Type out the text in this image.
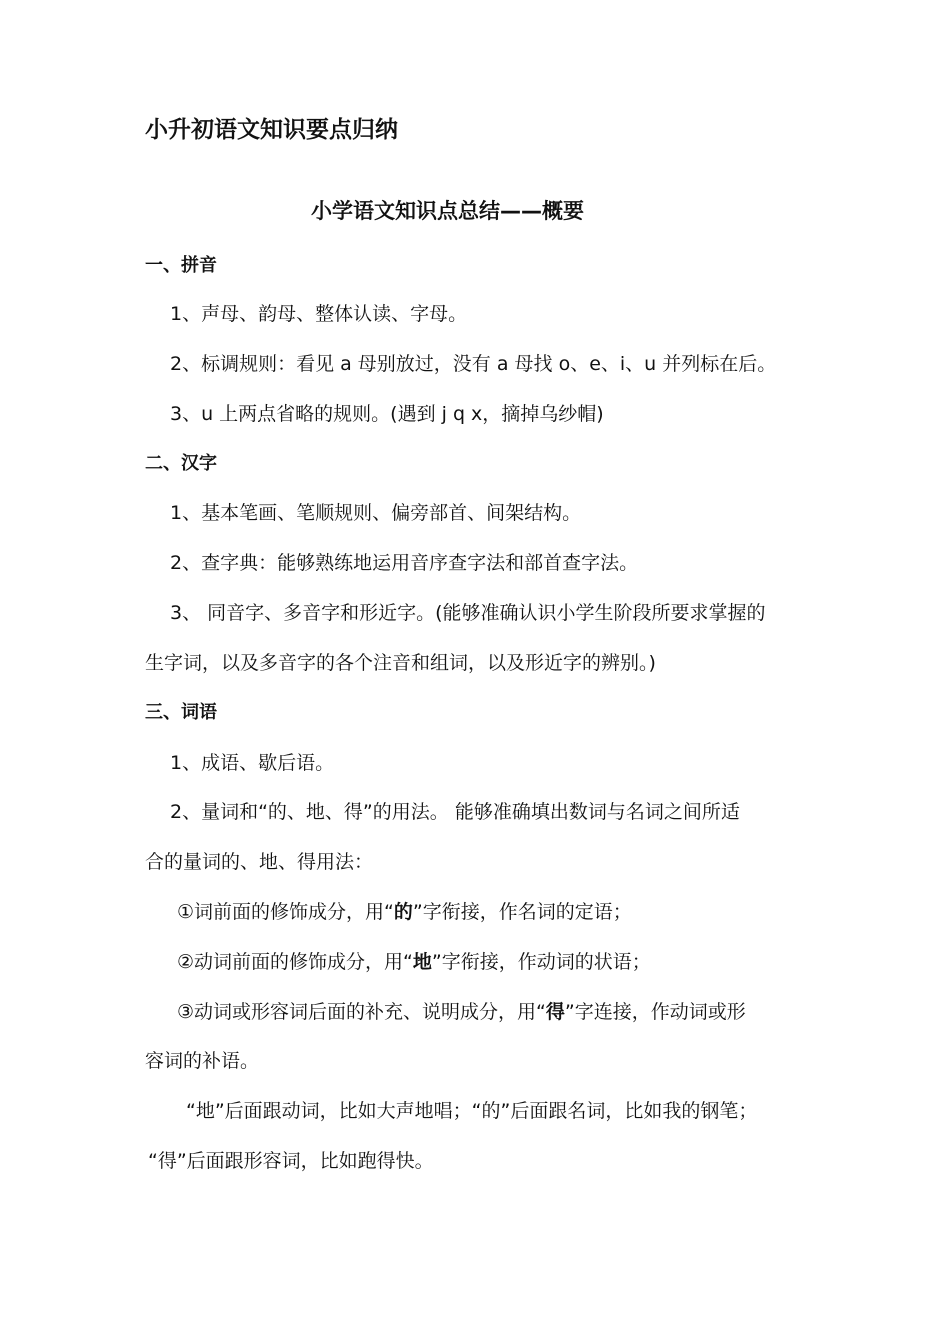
小升初语文知识要点归纳
小学语文知识点总结——概要
一、拼音
1、声母、韵母、整体认读、字母。
2、标调规则：看见 a 母别放过，没有 a 母找 o、e、i、u 并列标在后。
3、u 上两点省略的规则。(遇到 j q x，摘掉乌纱帽)
二、汉字
1、基本笔画、笔顺规则、偏旁部首、间架结构。
2、查字典：能够熟练地运用音序查字法和部首查字法。
3、 同音字、多音字和形近字。(能够准确认识小学生阶段所要求掌握的
生字词，以及多音字的各个注音和组词，以及形近字的辨别。)
三、词语
1、成语、歇后语。
2、量词和“的、地、得”的用法。 能够准确填出数词与名词之间所适
合的量词的、地、得用法：
①词前面的修饰成分，用“的”字衔接，作名词的定语；
②动词前面的修饰成分，用“地”字衔接，作动词的状语；
③动词或形容词后面的补充、说明成分，用“得”字连接，作动词或形
容词的补语。
“地”后面跟动词，比如大声地唱；“的”后面跟名词，比如我的钢笔；
“得”后面跟形容词，比如跑得快。
